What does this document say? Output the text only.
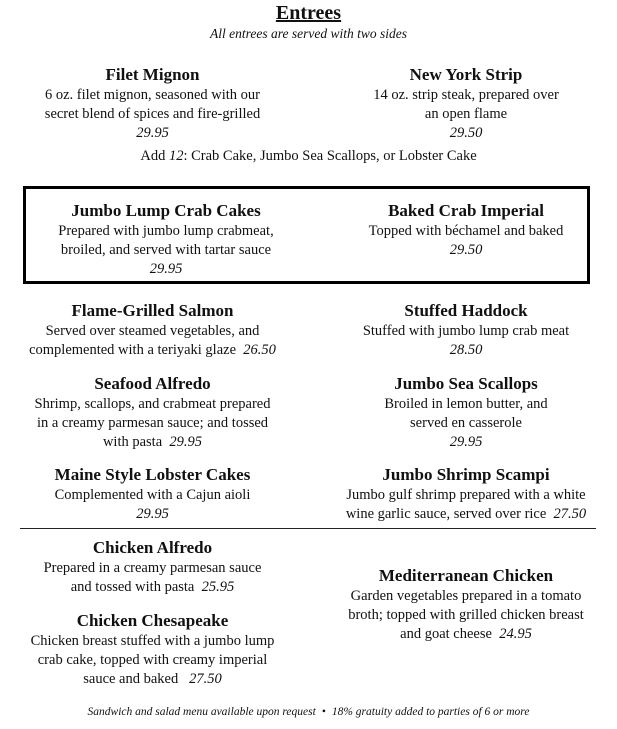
Entrees
All entrees are served with two sides
Filet Mignon
6 oz. filet mignon, seasoned with our
secret blend of spices and fire-grilled
29.95
New York Strip
14 oz. strip steak, prepared over
an open flame
29.50
Add 12: Crab Cake, Jumbo Sea Scallops, or Lobster Cake
Jumbo Lump Crab Cakes
Prepared with jumbo lump crabmeat,
broiled, and served with tartar sauce
29.95
Baked Crab Imperial
Topped with béchamel and baked
29.50
Flame-Grilled Salmon
Served over steamed vegetables, and
complemented with a teriyaki glaze 26.50
Stuffed Haddock
Stuffed with jumbo lump crab meat
28.50
Seafood Alfredo
Shrimp, scallops, and crabmeat prepared
in a creamy parmesan sauce; and tossed
with pasta 29.95
Jumbo Sea Scallops
Broiled in lemon butter, and
served en casserole
29.95
Maine Style Lobster Cakes
Complemented with a Cajun aioli
29.95
Jumbo Shrimp Scampi
Jumbo gulf shrimp prepared with a white
wine garlic sauce, served over rice 27.50
Chicken Alfredo
Prepared in a creamy parmesan sauce
and tossed with pasta 25.95
Chicken Chesapeake
Chicken breast stuffed with a jumbo lump
crab cake, topped with creamy imperial
sauce and baked 27.50
Mediterranean Chicken
Garden vegetables prepared in a tomato
broth; topped with grilled chicken breast
and goat cheese 24.95
Sandwich and salad menu available upon request • 18% gratuity added to parties of 6 or more
